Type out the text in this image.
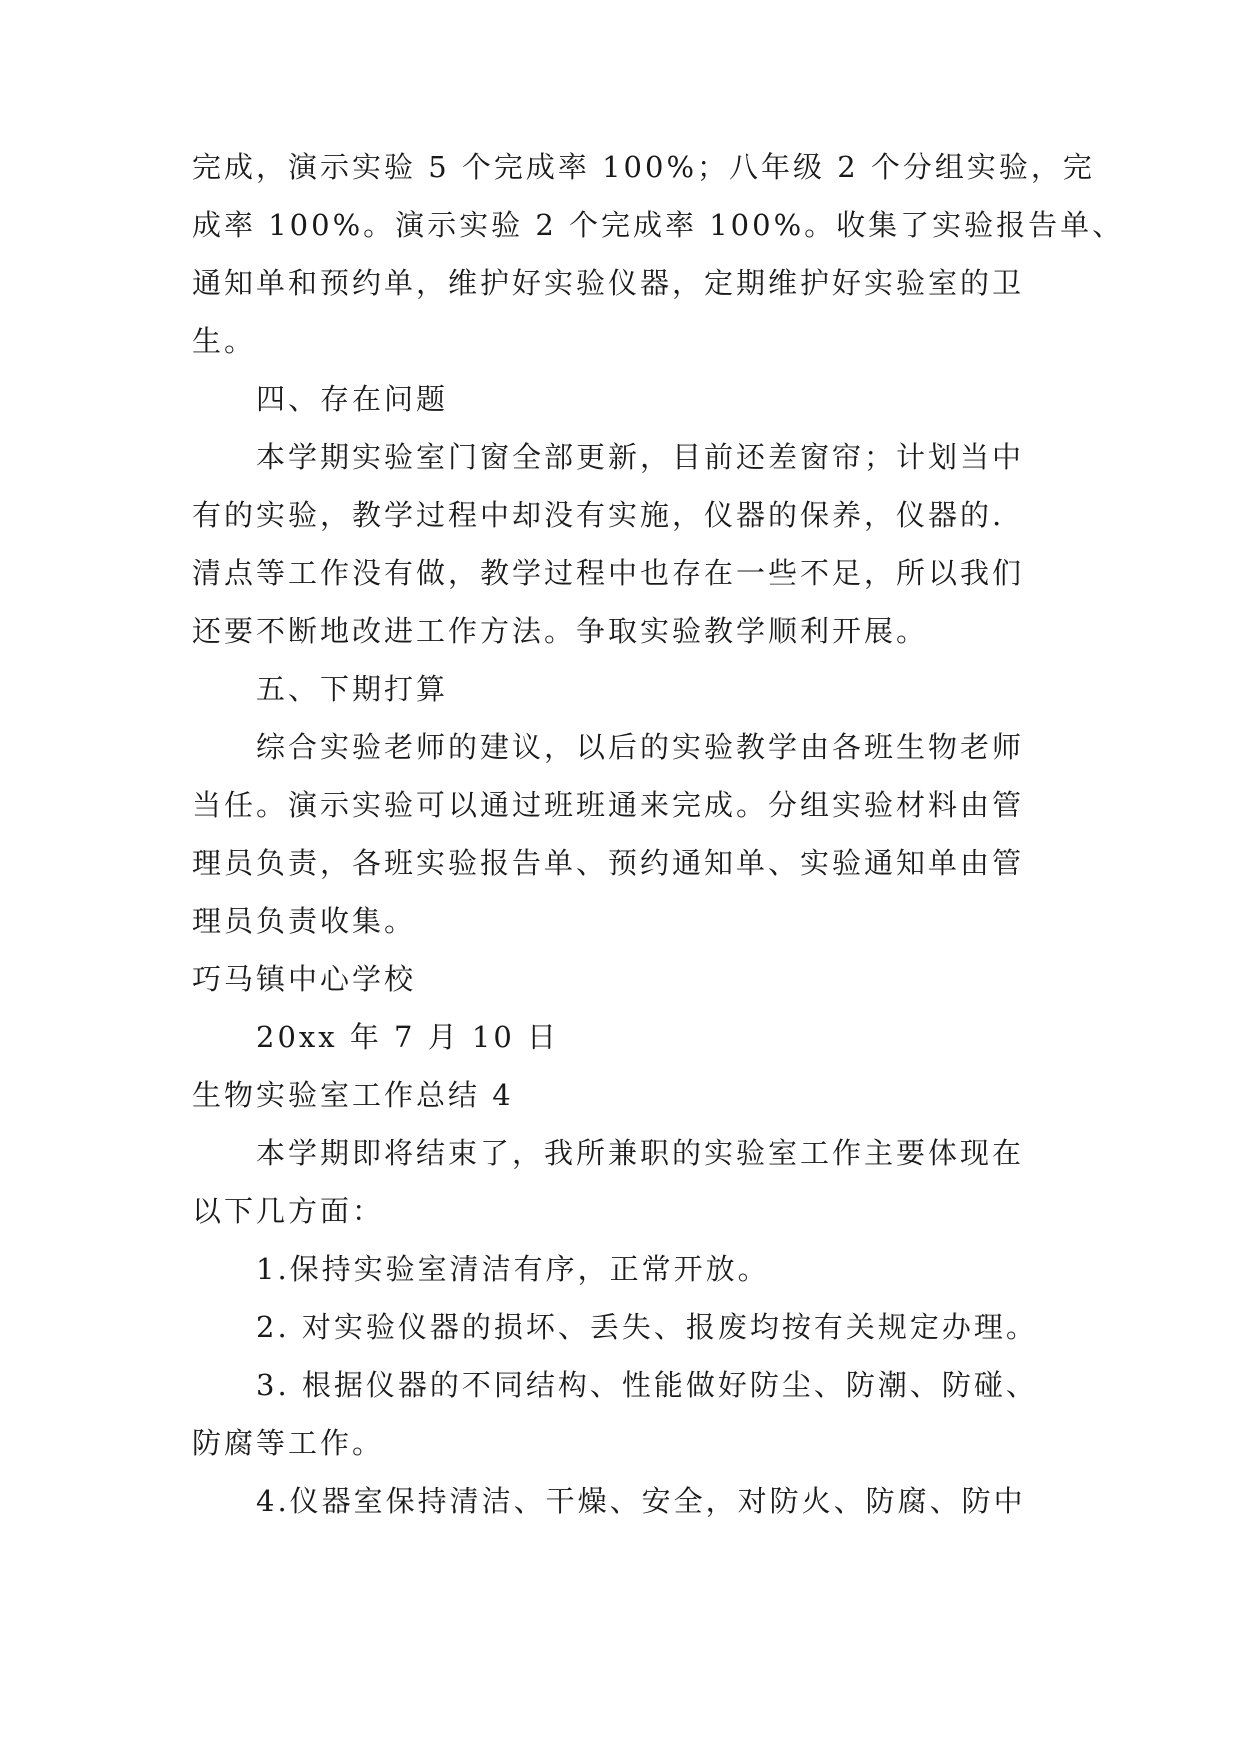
完成，演示实验 5 个完成率 100%；八年级 2 个分组实验，完
成率 100%。演示实验 2 个完成率 100%。收集了实验报告单、
通知单和预约单，维护好实验仪器，定期维护好实验室的卫
生。
四、存在问题
本学期实验室门窗全部更新，目前还差窗帘；计划当中
有的实验，教学过程中却没有实施，仪器的保养，仪器的.
清点等工作没有做，教学过程中也存在一些不足，所以我们
还要不断地改进工作方法。争取实验教学顺利开展。
五、下期打算
综合实验老师的建议，以后的实验教学由各班生物老师
当任。演示实验可以通过班班通来完成。分组实验材料由管
理员负责，各班实验报告单、预约通知单、实验通知单由管
理员负责收集。
巧马镇中心学校
20xx 年 7 月 10 日
生物实验室工作总结 4
本学期即将结束了，我所兼职的实验室工作主要体现在
以下几方面：
1.保持实验室清洁有序，正常开放。
2. 对实验仪器的损坏、丢失、报废均按有关规定办理。
3. 根据仪器的不同结构、性能做好防尘、防潮、防碰、
防腐等工作。
4.仪器室保持清洁、干燥、安全，对防火、防腐、防中
